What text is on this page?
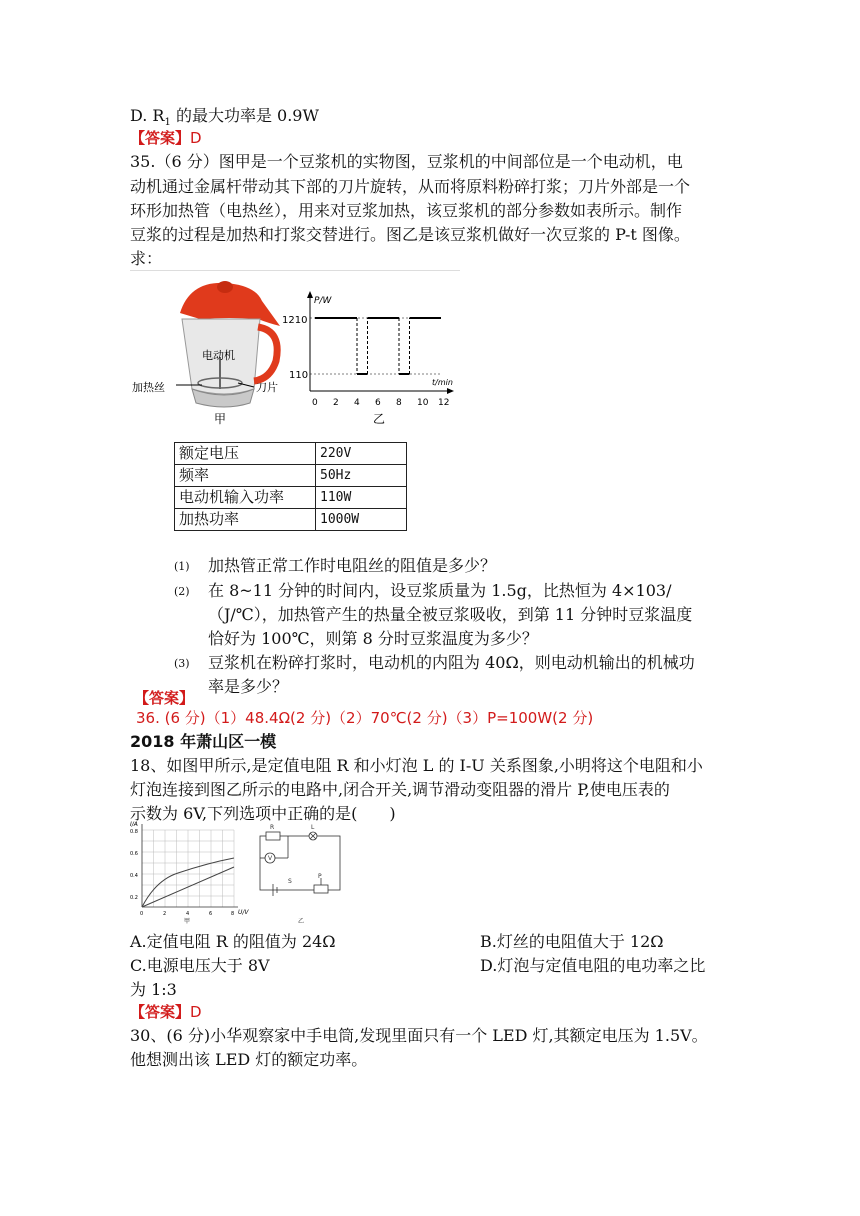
D. $R_1$ 的最大功率是 0.9W
【答案】D
35.（6 分）图甲是一个豆浆机的实物图，豆浆机的中间部位是一个电动机，电
动机通过金属杆带动其下部的刀片旋转，从而将原料粉碎打浆；刀片外部是一个
环形加热管（电热丝），用来对豆浆加热，该豆浆机的部分参数如表所示。制作
豆浆的过程是加热和打浆交替进行。图乙是该豆浆机做好一次豆浆的 P-t 图像。
求：
电动机
加热丝	刀片
甲
P/W
t/min
1210
110
0 2 4 6 8 10 12
乙
额定电压	220V
频率	50Hz
电动机输入功率	110W
加热功率	1000W
(1) 加热管正常工作时电阻丝的阻值是多少？
(2) 在 8~11 分钟的时间内，设豆浆质量为 1.5g，比热恒为 4×103/
（J/℃），加热管产生的热量全被豆浆吸收，到第 11 分钟时豆浆温度
恰好为 100℃，则第 8 分时豆浆温度为多少？
(3) 豆浆机在粉碎打浆时，电动机的内阻为 40Ω，则电动机输出的机械功
率是多少？
【答案】
36. (6 分)（1）48.4Ω(2 分)（2）70℃(2 分)（3）P=100W(2 分)
2018 年萧山区一模
18、如图甲所示,是定值电阻 R 和小灯泡 L 的 I-U 关系图象,小明将这个电阻和小
灯泡连接到图乙所示的电路中,闭合开关,调节滑动变阻器的滑片 P,使电压表的
示数为 6V,下列选项中正确的是(　　)
I/A
U/V
0.8
0.6
0.4
0.2
0	2	4	6	8
甲
R	L
V
S
P
乙
A.定值电阻 R 的阻值为 24Ω	B.灯丝的电阻值大于 12Ω
C.电源电压大于 8V	D.灯泡与定值电阻的电功率之比
为 1:3
【答案】D
30、(6 分)小华观察家中手电筒,发现里面只有一个 LED 灯,其额定电压为 1.5V。
他想测出该 LED 灯的额定功率。
